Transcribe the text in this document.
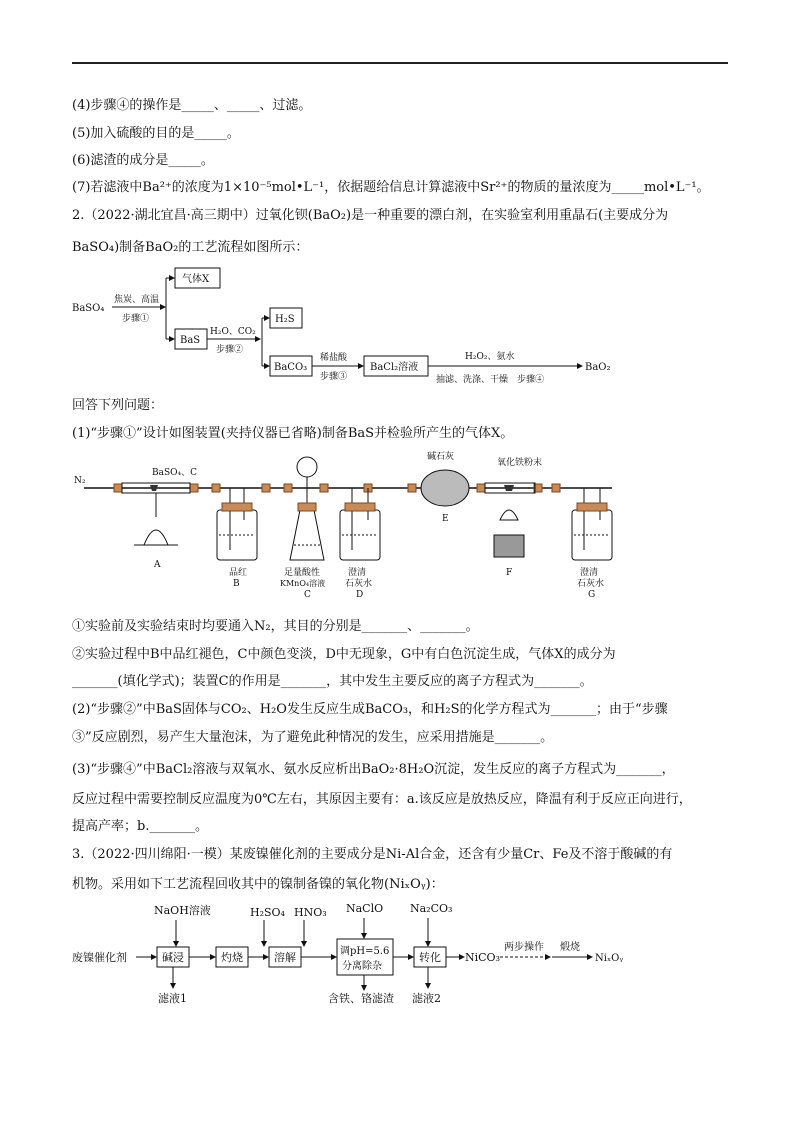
(4)步骤④的操作是_____、_____、过滤。
(5)加入硫酸的目的是_____。
(6)滤渣的成分是_____。
(7)若滤液中Ba²⁺的浓度为1×10⁻⁵mol•L⁻¹，依据题给信息计算滤液中Sr²⁺的物质的量浓度为_____mol•L⁻¹。
2.（2022·湖北宜昌·高三期中）过氧化钡(BaO₂)是一种重要的漂白剂，在实验室利用重晶石(主要成分为
BaSO₄)制备BaO₂的工艺流程如图所示：
BaSO₄
焦炭、高温
步骤①
气体X
BaS
H₂O、CO₂
步骤②
H₂S
BaCO₃
稀盐酸
步骤③
BaCl₂溶液
H₂O₂、氨水
抽滤、洗涤、干燥　步骤④
BaO₂
回答下列问题：
(1)“步骤①”设计如图装置(夹持仪器已省略)制备BaS并检验所产生的气体X。
N₂
BaSO₄、C
A
品红
B
足量酸性
KMnO₄溶液
C
澄清
石灰水
D
碱石灰
E
氧化铁粉末
F	澄清
石灰水
G
①实验前及实验结束时均要通入N₂，其目的分别是_______、_______。
②实验过程中B中品红褪色，C中颜色变淡，D中无现象，G中有白色沉淀生成，气体X的成分为
_______(填化学式)；装置C的作用是_______，其中发生主要反应的离子方程式为_______。
(2)“步骤②”中BaS固体与CO₂、H₂O发生反应生成BaCO₃，和H₂S的化学方程式为_______；由于“步骤
③”反应剧烈，易产生大量泡沫，为了避免此种情况的发生，应采用措施是_______。
(3)“步骤④”中BaCl₂溶液与双氧水、氨水反应析出BaO₂·8H₂O沉淀，发生反应的离子方程式为_______，
反应过程中需要控制反应温度为0℃左右，其原因主要有：a.该反应是放热反应，降温有利于反应正向进行，
提高产率；b._______。
3.（2022·四川绵阳·一模）某废镍催化剂的主要成分是Ni-Al合金，还含有少量Cr、Fe及不溶于酸碱的有
机物。采用如下工艺流程回收其中的镍制备镍的氧化物(NiₓOᵧ)：
NaOH溶液	H₂SO₄ HNO₃ NaClO Na₂CO₃
废镍催化剂	碱浸	灼烧	溶解	调pH=5.6
分离除杂
转化 NiCO₃
两步操作 煅烧
NiₓOᵧ
滤液1	含铁、铬滤渣 滤液2
